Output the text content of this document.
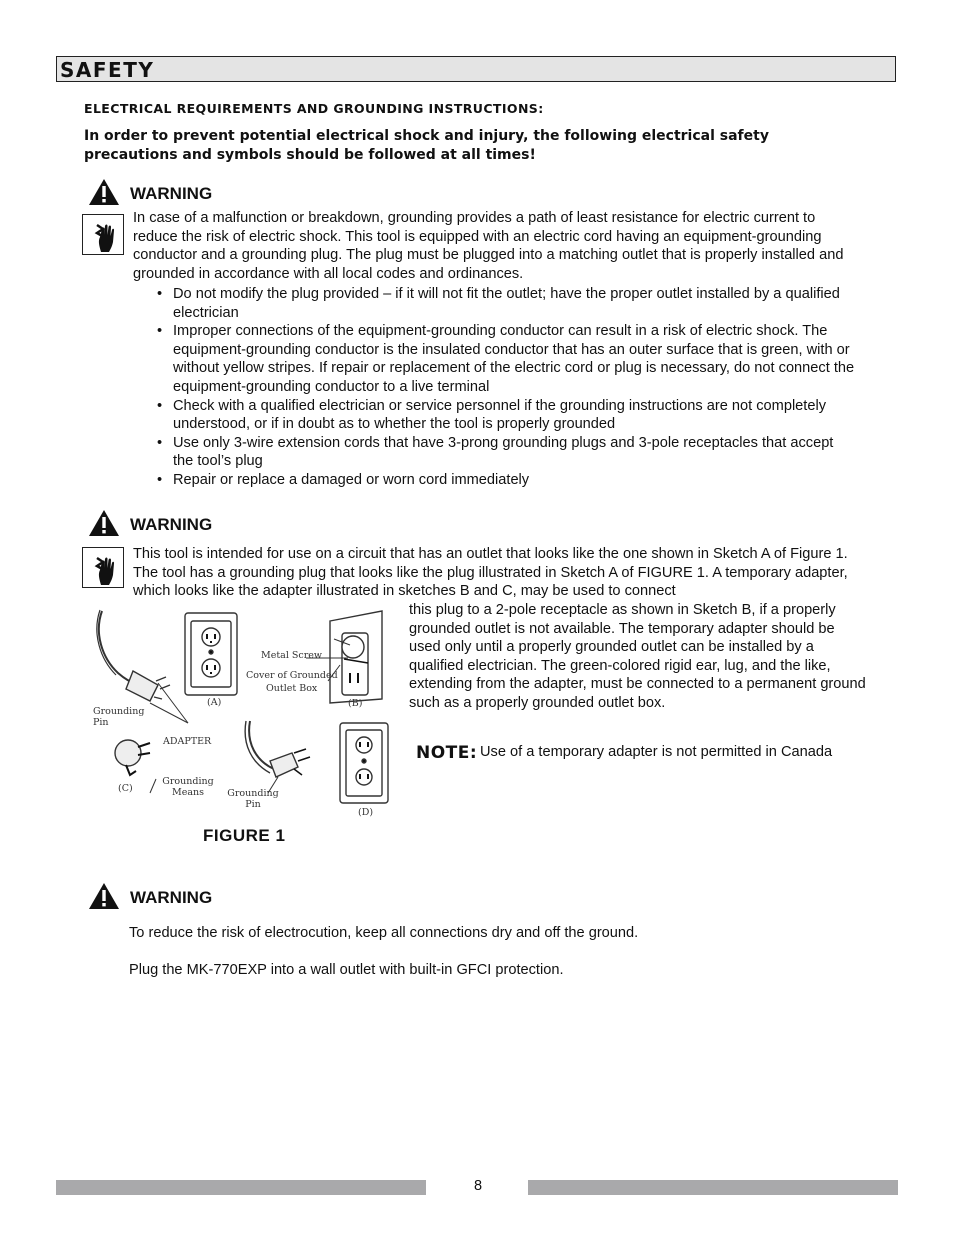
SAFETY
ELECTRICAL REQUIREMENTS AND GROUNDING INSTRUCTIONS:
In order to prevent potential electrical shock and injury, the following electrical safety precautions and symbols should be followed at all times!
WARNING
In case of a malfunction or breakdown, grounding provides a path of least resistance for electric current to reduce the risk of electric shock. This tool is equipped with an electric cord having an equipment-grounding conductor and a grounding plug. The plug must be plugged into a matching outlet that is properly installed and grounded in accordance with all local codes and ordinances.
• Do not modify the plug provided – if it will not fit the outlet; have the proper outlet installed by a qualified electrician
• Improper connections of the equipment-grounding conductor can result in a risk of electric shock. The equipment-grounding conductor is the insulated conductor that has an outer surface that is green, with or without yellow stripes. If repair or replacement of the electric cord or plug is necessary, do not connect the equipment-grounding conductor to a live terminal
• Check with a qualified electrician or service personnel if the grounding instructions are not completely understood, or if in doubt as to whether the tool is properly grounded
• Use only 3-wire extension cords that have 3-prong grounding plugs and 3-pole receptacles that accept the tool’s plug
• Repair or replace a damaged or worn cord immediately
WARNING
This tool is intended for use on a circuit that has an outlet that looks like the one shown in Sketch A of Figure 1. The tool has a grounding plug that looks like the plug illustrated in Sketch A of FIGURE 1. A temporary adapter, which looks like the adapter illustrated in sketches B and C, may be used to connect
this plug to a 2-pole receptacle as shown in Sketch B, if a properly grounded outlet is not available. The temporary adapter should be used only until a properly grounded outlet can be installed by a qualified electrician. The green-colored rigid ear, lug, and the like, extending from the adapter, must be connected to a permanent ground such as a properly grounded outlet box.
Grounding Pin
(A)
Metal Screw
Cover of Grounded
Outlet Box
(B)
ADAPTER
Grounding Means
(C)	Grounding Pin
(D)
FIGURE 1
NOTE: Use of a temporary adapter is not permitted in Canada
WARNING
To reduce the risk of electrocution, keep all connections dry and off the ground.
Plug the MK-770EXP into a wall outlet with built-in GFCI protection.
8
